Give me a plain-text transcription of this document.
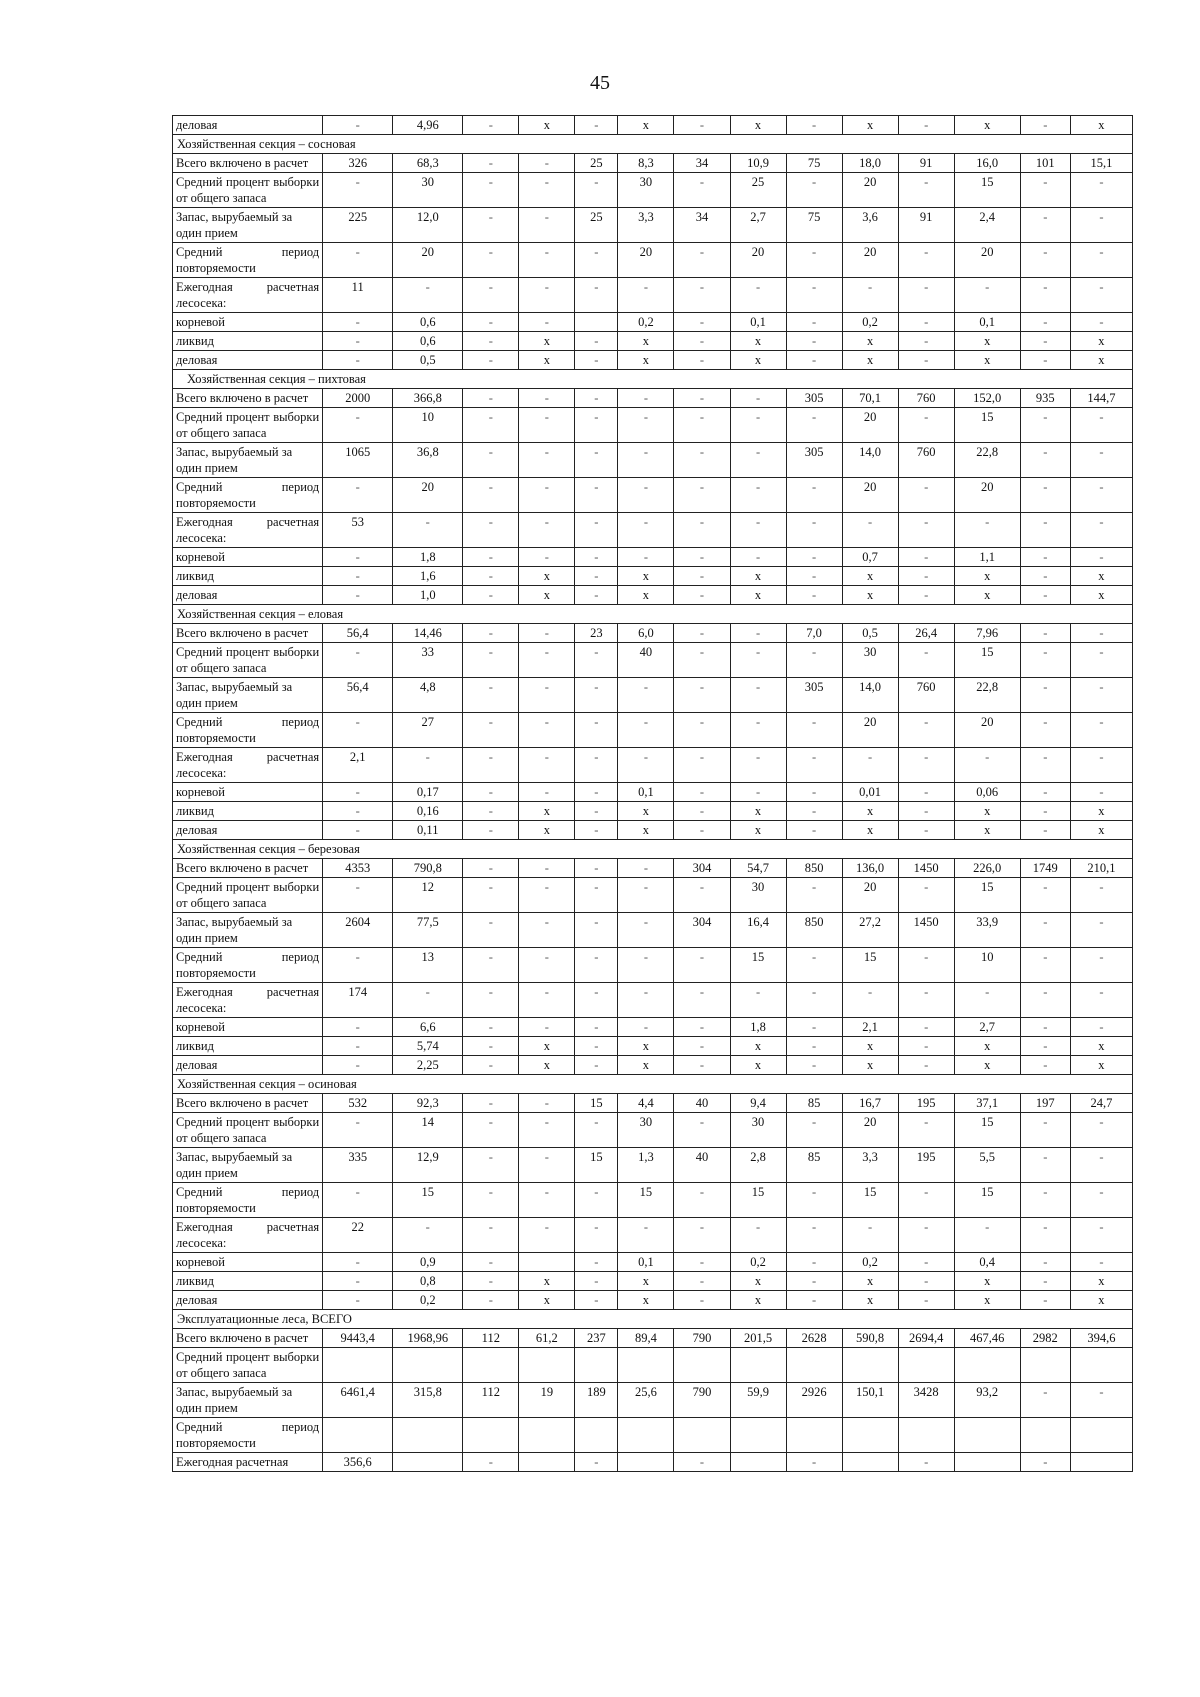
45
деловая	-	4,96	-	x	-	x	-	x	-	x	-	x	-	x
Хозяйственная секция – сосновая														
Всего включено в расчет	326	68,3	-	-	25	8,3	34	10,9	75	18,0	91	16,0	101	15,1
Средний процент выборки от общего запаса	-	30	-	-	-	30	-	25	-	20	-	15	-	-
Запас, вырубаемый за один прием	225	12,0	-	-	25	3,3	34	2,7	75	3,6	91	2,4	-	-
Средний период повторяемости	-	20	-	-	-	20	-	20	-	20	-	20	-	-
Ежегодная расчетная лесосека:	11	-	-	-	-	-	-	-	-	-	-	-	-	-
корневой	-	0,6	-	-		0,2	-	0,1	-	0,2	-	0,1	-	-
ликвид	-	0,6	-	x	-	x	-	x	-	x	-	x	-	x
деловая	-	0,5	-	x	-	x	-	x	-	x	-	x	-	x
Хозяйственная секция – пихтовая														
Всего включено в расчет	2000	366,8	-	-	-	-	-	-	305	70,1	760	152,0	935	144,7
Средний процент выборки от общего запаса	-	10	-	-	-	-	-	-	-	20	-	15	-	-
Запас, вырубаемый за один прием	1065	36,8	-	-	-	-	-	-	305	14,0	760	22,8	-	-
Средний период повторяемости	-	20	-	-	-	-	-	-	-	20	-	20	-	-
Ежегодная расчетная лесосека:	53	-	-	-	-	-	-	-	-	-	-	-	-	-
корневой	-	1,8	-	-	-	-	-	-	-	0,7	-	1,1	-	-
ликвид	-	1,6	-	x	-	x	-	x	-	x	-	x	-	x
деловая	-	1,0	-	x	-	x	-	x	-	x	-	x	-	x
Хозяйственная секция – еловая														
Всего включено в расчет	56,4	14,46	-	-	23	6,0	-	-	7,0	0,5	26,4	7,96	-	-
Средний процент выборки от общего запаса	-	33	-	-	-	40	-	-	-	30	-	15	-	-
Запас, вырубаемый за один прием	56,4	4,8	-	-	-	-	-	-	305	14,0	760	22,8	-	-
Средний период повторяемости	-	27	-	-	-	-	-	-	-	20	-	20	-	-
Ежегодная расчетная лесосека:	2,1	-	-	-	-	-	-	-	-	-	-	-	-	-
корневой	-	0,17	-	-	-	0,1	-	-	-	0,01	-	0,06	-	-
ликвид	-	0,16	-	x	-	x	-	x	-	x	-	x	-	x
деловая	-	0,11	-	x	-	x	-	x	-	x	-	x	-	x
Хозяйственная секция – березовая														
Всего включено в расчет	4353	790,8	-	-	-	-	304	54,7	850	136,0	1450	226,0	1749	210,1
Средний процент выборки от общего запаса	-	12	-	-	-	-	-	30	-	20	-	15	-	-
Запас, вырубаемый за один прием	2604	77,5	-	-	-	-	304	16,4	850	27,2	1450	33,9	-	-
Средний период повторяемости	-	13	-	-	-	-	-	15	-	15	-	10	-	-
Ежегодная расчетная лесосека:	174	-	-	-	-	-	-	-	-	-	-	-	-	-
корневой	-	6,6	-	-	-	-	-	1,8	-	2,1	-	2,7	-	-
ликвид	-	5,74	-	x	-	x	-	x	-	x	-	x	-	x
деловая	-	2,25	-	x	-	x	-	x	-	x	-	x	-	x
Хозяйственная секция – осиновая														
Всего включено в расчет	532	92,3	-	-	15	4,4	40	9,4	85	16,7	195	37,1	197	24,7
Средний процент выборки от общего запаса	-	14	-	-	-	30	-	30	-	20	-	15	-	-
Запас, вырубаемый за один прием	335	12,9	-	-	15	1,3	40	2,8	85	3,3	195	5,5	-	-
Средний период повторяемости	-	15	-	-	-	15	-	15	-	15	-	15	-	-
Ежегодная расчетная лесосека:	22	-	-	-	-	-	-	-	-	-	-	-	-	-
корневой	-	0,9	-		-	0,1	-	0,2	-	0,2	-	0,4	-	-
ликвид	-	0,8	-	x	-	x	-	x	-	x	-	x	-	x
деловая	-	0,2	-	x	-	x	-	x	-	x	-	x	-	x
Эксплуатационные леса, ВСЕГО														
Всего включено в расчет	9443,4	1968,96	112	61,2	237	89,4	790	201,5	2628	590,8	2694,4	467,46	2982	394,6
Средний процент выборки от общего запаса														
Запас, вырубаемый за один прием	6461,4	315,8	112	19	189	25,6	790	59,9	2926	150,1	3428	93,2	-	-
Средний период повторяемости														
Ежегодная расчетная	356,6		-		-		-		-		-		-	
